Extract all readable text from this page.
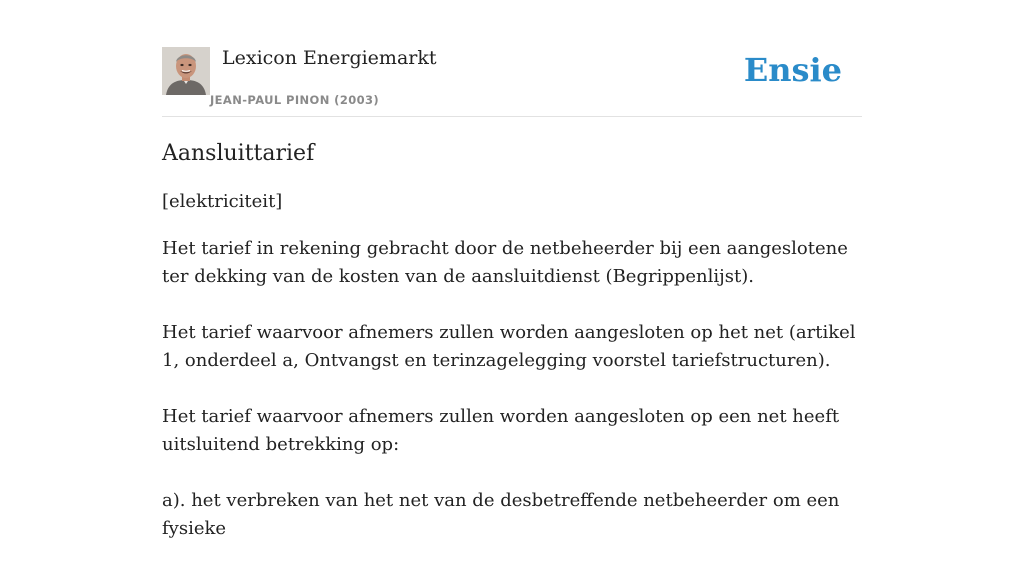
Lexicon Energiemarkt
JEAN-PAUL PINON (2003)
Ensie
Aansluittarief

[elektriciteit]

Het tarief in rekening gebracht door de netbeheerder bij een aangeslotene ter dekking van de kosten van de aansluitdienst (Begrippenlijst).

Het tarief waarvoor afnemers zullen worden aangesloten op het net (artikel 1, onderdeel a, Ontvangst en terinzagelegging voorstel tariefstructuren).

Het tarief waarvoor afnemers zullen worden aangesloten op een net heeft uitsluitend betrekking op:

a). het verbreken van het net van de desbetreffende netbeheerder om een fysieke
